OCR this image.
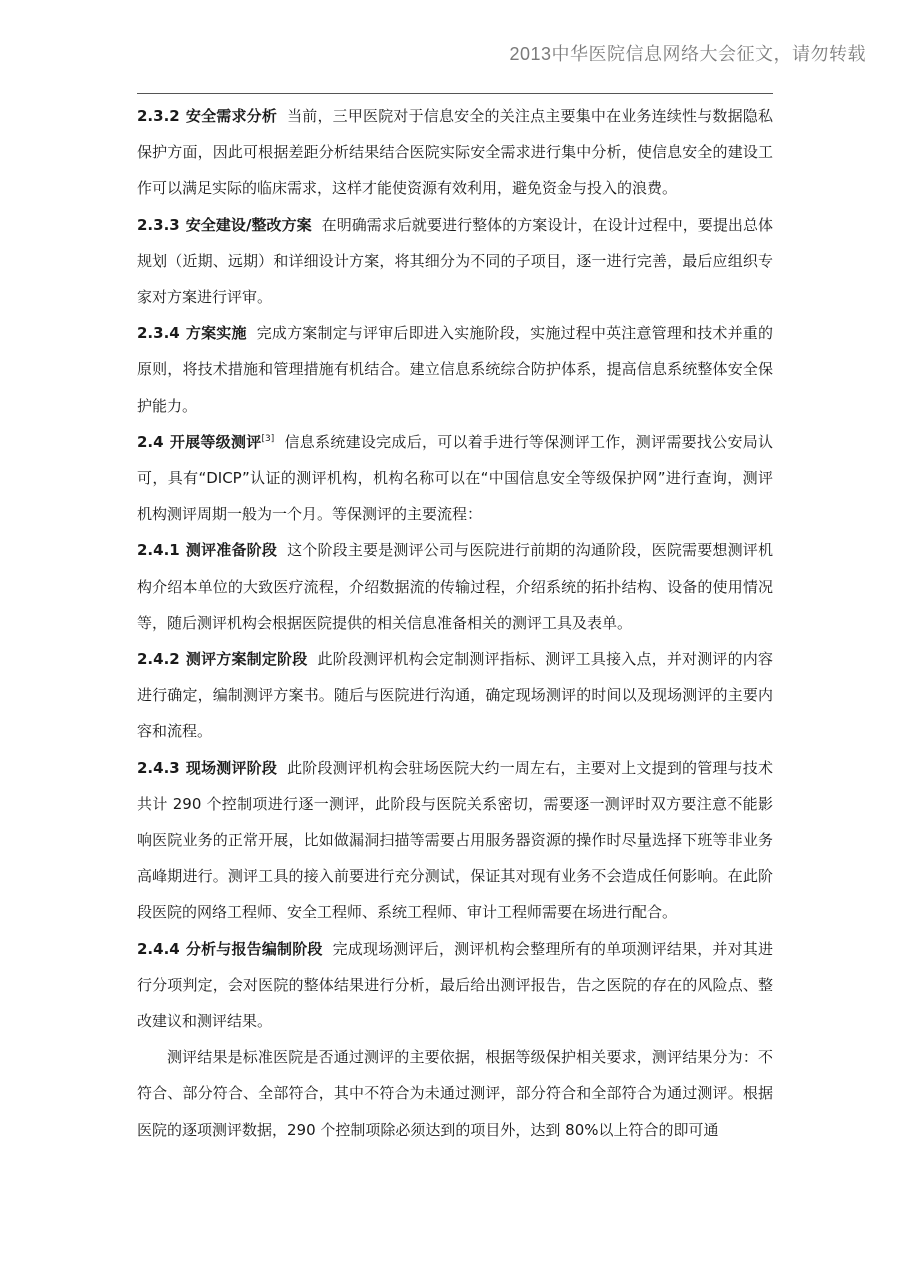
2013中华医院信息网络大会征文，请勿转载

2.3.2 安全需求分析 当前，三甲医院对于信息安全的关注点主要集中在业务连续性与数据隐私保护方面，因此可根据差距分析结果结合医院实际安全需求进行集中分析，使信息安全的建设工作可以满足实际的临床需求，这样才能使资源有效利用，避免资金与投入的浪费。

2.3.3 安全建设/整改方案 在明确需求后就要进行整体的方案设计，在设计过程中，要提出总体规划（近期、远期）和详细设计方案，将其细分为不同的子项目，逐一进行完善，最后应组织专家对方案进行评审。

2.3.4 方案实施 完成方案制定与评审后即进入实施阶段，实施过程中英注意管理和技术并重的原则，将技术措施和管理措施有机结合。建立信息系统综合防护体系，提高信息系统整体安全保护能力。

2.4 开展等级测评[3] 信息系统建设完成后，可以着手进行等保测评工作，测评需要找公安局认可，具有“DICP”认证的测评机构，机构名称可以在“中国信息安全等级保护网”进行查询，测评机构测评周期一般为一个月。等保测评的主要流程：

2.4.1 测评准备阶段 这个阶段主要是测评公司与医院进行前期的沟通阶段，医院需要想测评机构介绍本单位的大致医疗流程，介绍数据流的传输过程，介绍系统的拓扑结构、设备的使用情况等，随后测评机构会根据医院提供的相关信息准备相关的测评工具及表单。

2.4.2 测评方案制定阶段 此阶段测评机构会定制测评指标、测评工具接入点，并对测评的内容进行确定，编制测评方案书。随后与医院进行沟通，确定现场测评的时间以及现场测评的主要内容和流程。

2.4.3 现场测评阶段 此阶段测评机构会驻场医院大约一周左右，主要对上文提到的管理与技术共计 290 个控制项进行逐一测评，此阶段与医院关系密切，需要逐一测评时双方要注意不能影响医院业务的正常开展，比如做漏洞扫描等需要占用服务器资源的操作时尽量选择下班等非业务高峰期进行。测评工具的接入前要进行充分测试，保证其对现有业务不会造成任何影响。在此阶段医院的网络工程师、安全工程师、系统工程师、审计工程师需要在场进行配合。

2.4.4 分析与报告编制阶段 完成现场测评后，测评机构会整理所有的单项测评结果，并对其进行分项判定，会对医院的整体结果进行分析，最后给出测评报告，告之医院的存在的风险点、整改建议和测评结果。

测评结果是标准医院是否通过测评的主要依据，根据等级保护相关要求，测评结果分为：不符合、部分符合、全部符合，其中不符合为未通过测评，部分符合和全部符合为通过测评。根据医院的逐项测评数据，290 个控制项除必须达到的项目外，达到 80%以上符合的即可通
